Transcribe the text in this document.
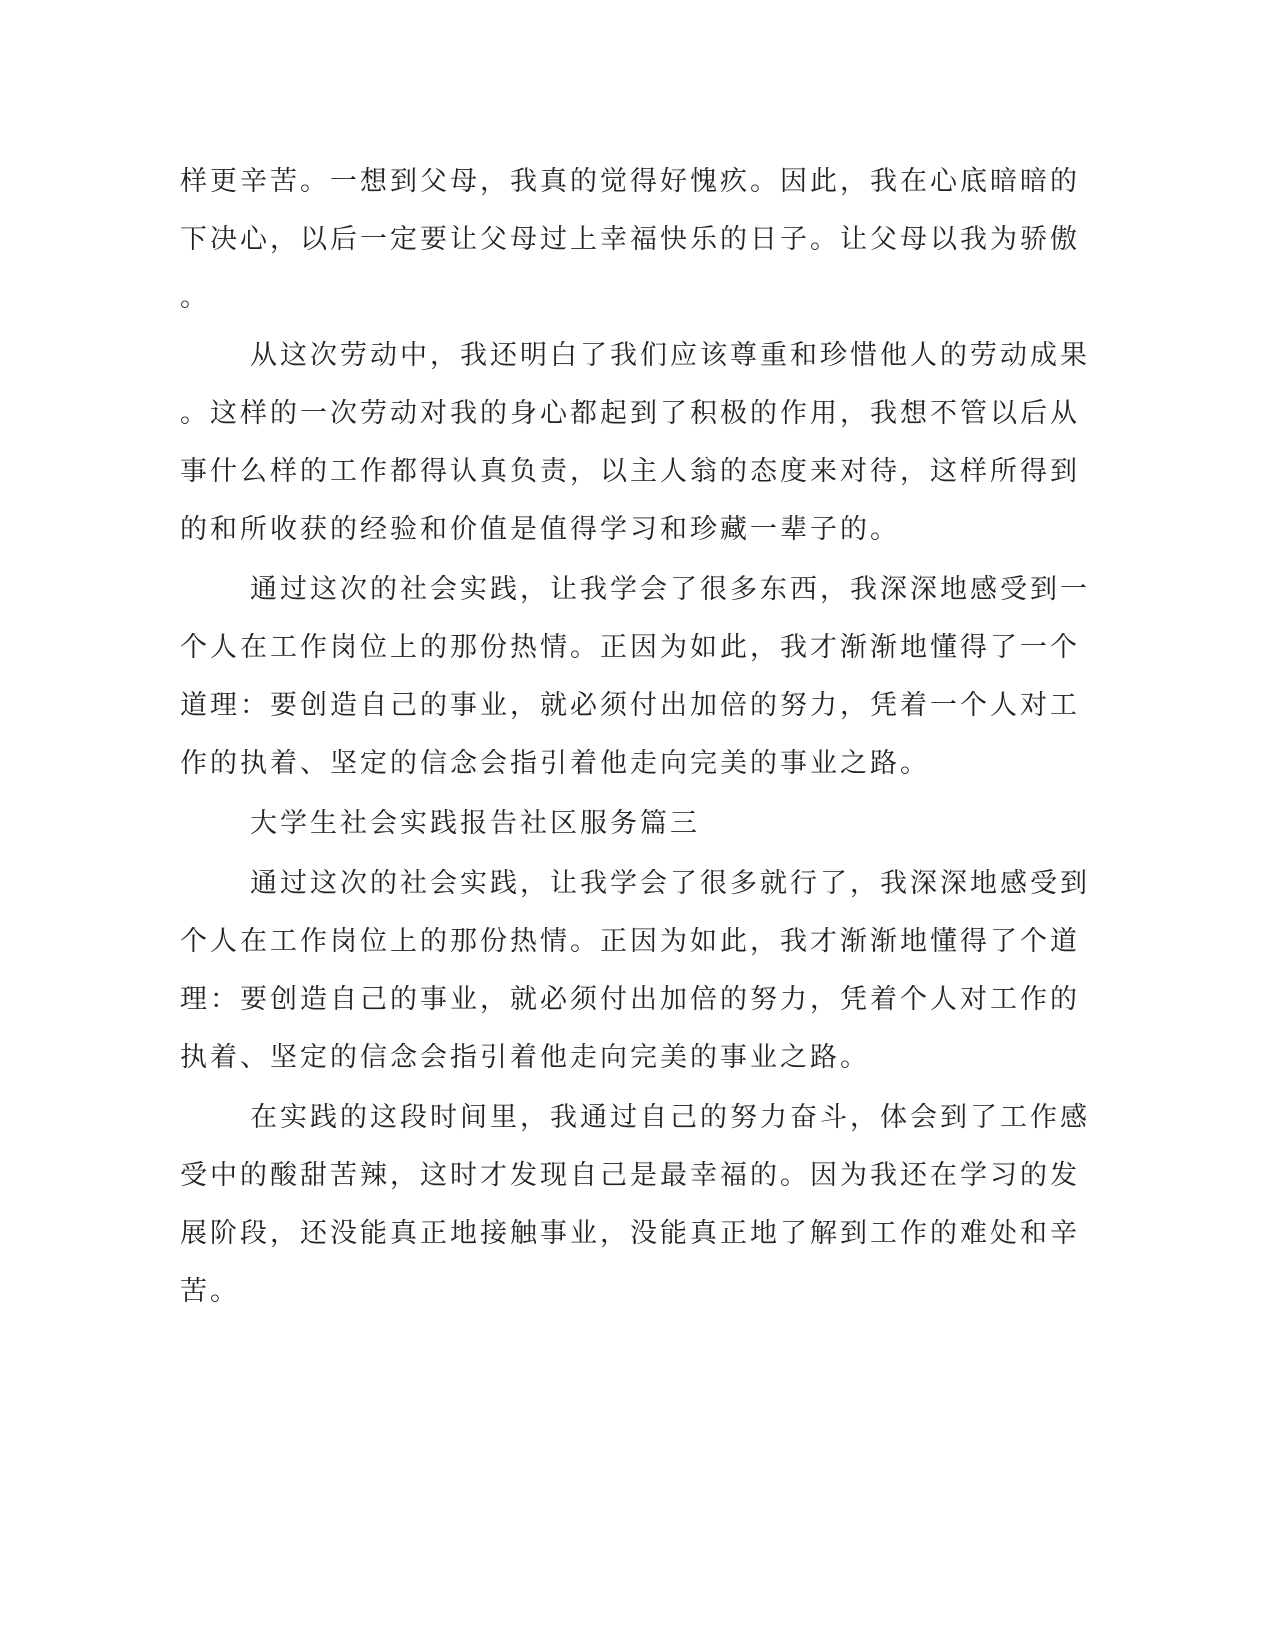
样更辛苦。一想到父母，我真的觉得好愧疚。因此，我在心底暗暗的
下决心，以后一定要让父母过上幸福快乐的日子。让父母以我为骄傲
。
从这次劳动中，我还明白了我们应该尊重和珍惜他人的劳动成果
。这样的一次劳动对我的身心都起到了积极的作用，我想不管以后从
事什么样的工作都得认真负责，以主人翁的态度来对待，这样所得到
的和所收获的经验和价值是值得学习和珍藏一辈子的。
通过这次的社会实践，让我学会了很多东西，我深深地感受到一
个人在工作岗位上的那份热情。正因为如此，我才渐渐地懂得了一个
道理：要创造自己的事业，就必须付出加倍的努力，凭着一个人对工
作的执着、坚定的信念会指引着他走向完美的事业之路。
大学生社会实践报告社区服务篇三
通过这次的社会实践，让我学会了很多就行了，我深深地感受到
个人在工作岗位上的那份热情。正因为如此，我才渐渐地懂得了个道
理：要创造自己的事业，就必须付出加倍的努力，凭着个人对工作的
执着、坚定的信念会指引着他走向完美的事业之路。
在实践的这段时间里，我通过自己的努力奋斗，体会到了工作感
受中的酸甜苦辣，这时才发现自己是最幸福的。因为我还在学习的发
展阶段，还没能真正地接触事业，没能真正地了解到工作的难处和辛
苦。
